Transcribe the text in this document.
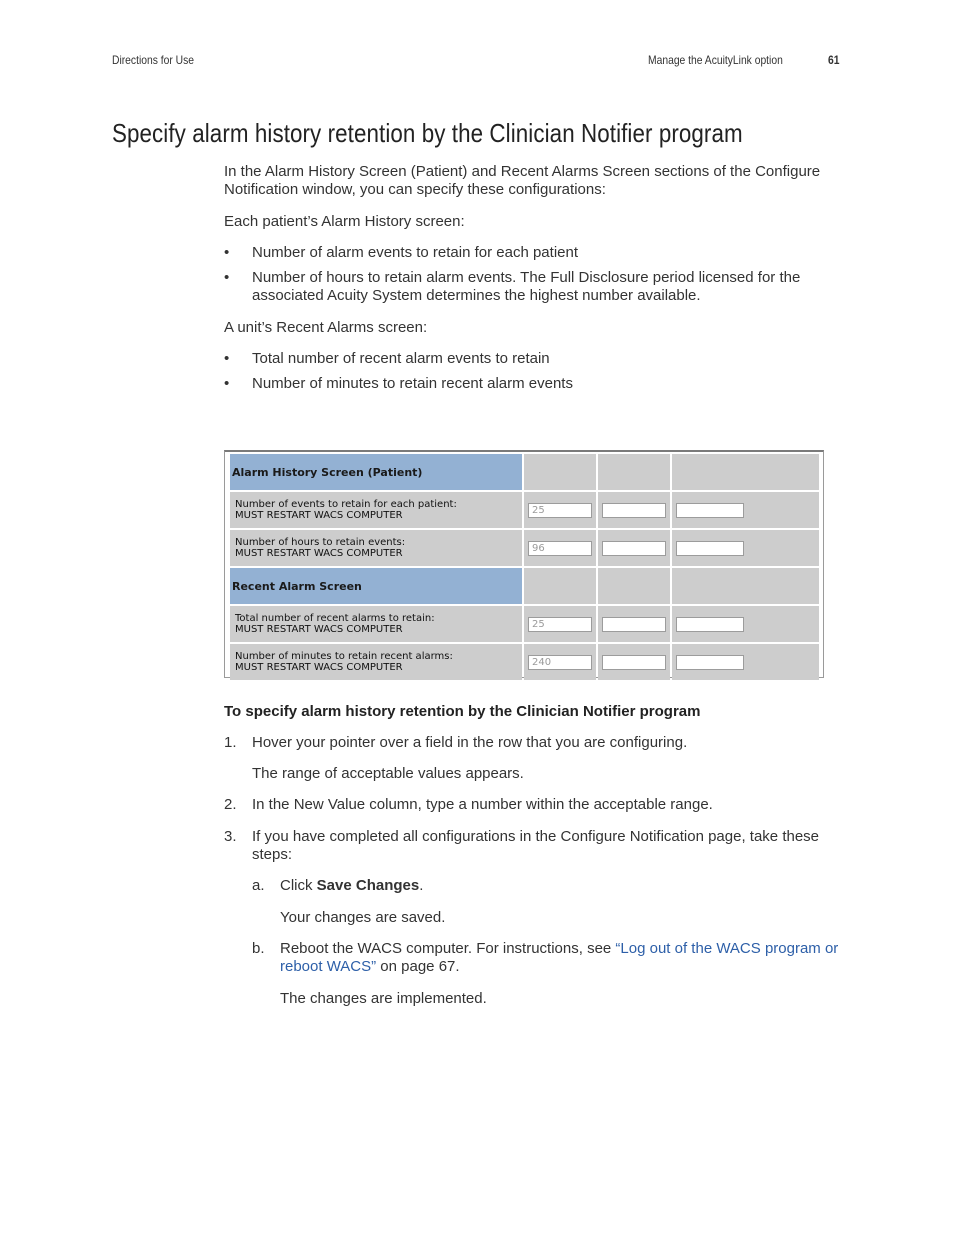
Directions for Use	Manage the AcuityLink option	61
Specify alarm history retention by the Clinician Notifier program
In the Alarm History Screen (Patient) and Recent Alarms Screen sections of the Configure Notification window, you can specify these configurations:
Each patient’s Alarm History screen:
• Number of alarm events to retain for each patient
• Number of hours to retain alarm events. The Full Disclosure period licensed for the associated Acuity System determines the highest number available.
A unit’s Recent Alarms screen:
• Total number of recent alarm events to retain
• Number of minutes to retain recent alarm events
Alarm History Screen (Patient)
Number of events to retain for each patient:
MUST RESTART WACS COMPUTER	25
Number of hours to retain events:
MUST RESTART WACS COMPUTER	96
Recent Alarm Screen
Total number of recent alarms to retain:
MUST RESTART WACS COMPUTER	25
Number of minutes to retain recent alarms:
MUST RESTART WACS COMPUTER	240
To specify alarm history retention by the Clinician Notifier program
1. Hover your pointer over a field in the row that you are configuring.
The range of acceptable values appears.
2. In the New Value column, type a number within the acceptable range.
3. If you have completed all configurations in the Configure Notification page, take these steps:
a. Click Save Changes.
Your changes are saved.
b. Reboot the WACS computer. For instructions, see “Log out of the WACS program or reboot WACS” on page 67.
The changes are implemented.
